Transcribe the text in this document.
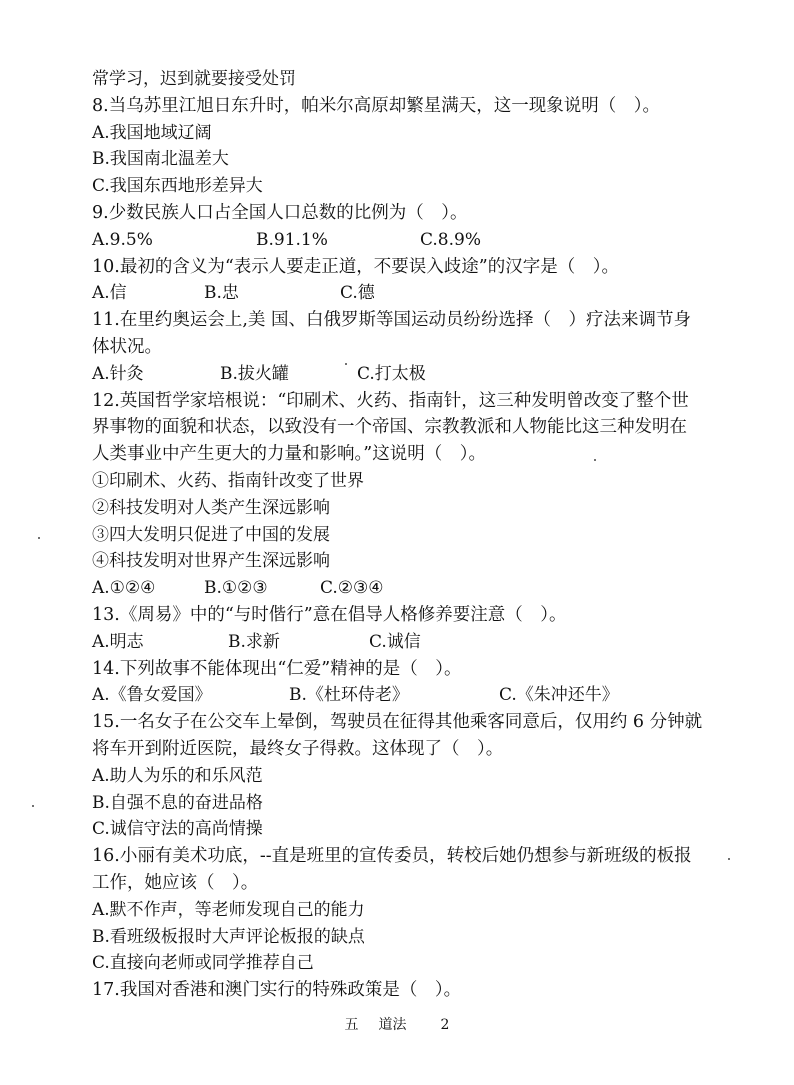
常学习，迟到就要接受处罚
8.当乌苏里江旭日东升时，帕米尔高原却繁星满天，这一现象说明（　）。
A.我国地域辽阔
B.我国南北温差大
C.我国东西地形差异大
9.少数民族人口占全国人口总数的比例为（　）。
A.9.5%	B.91.1%	C.8.9%
10.最初的含义为“表示人要走正道，不要误入歧途”的汉字是（　）。
A.信	B.忠	C.德
11.在里约奥运会上,美 国、白俄罗斯等国运动员纷纷选择（　）疗法来调节身
体状况。
A.针灸	B.拔火罐	C.打太极
12.英国哲学家培根说：“印刷术、火药、指南针，这三种发明曾改变了整个世
界事物的面貌和状态，以致没有一个帝国、宗教教派和人物能比这三种发明在
人类事业中产生更大的力量和影响。”这说明（　）。
①印刷术、火药、指南针改变了世界
②科技发明对人类产生深远影响
③四大发明只促进了中国的发展
④科技发明对世界产生深远影响
A.①②④	B.①②③	C.②③④
13.《周易》中的“与时偕行”意在倡导人格修养要注意（　）。
A.明志	B.求新	C.诚信
14.下列故事不能体现出“仁爱”精神的是（　）。
A.《鲁女爱国》	B.《杜环侍老》	C.《朱冲还牛》
15.一名女子在公交车上晕倒，驾驶员在征得其他乘客同意后，仅用约 6 分钟就
将车开到附近医院，最终女子得救。这体现了（　）。
A.助人为乐的和乐风范
B.自强不息的奋进品格
C.诚信守法的高尚情操
16.小丽有美术功底，--直是班里的宣传委员，转校后她仍想参与新班级的板报
工作，她应该（　）。
A.默不作声，等老师发现自己的能力
B.看班级板报时大声评论板报的缺点
C.直接向老师或同学推荐自己
17.我国对香港和澳门实行的特殊政策是（　）。
五 道法 2
